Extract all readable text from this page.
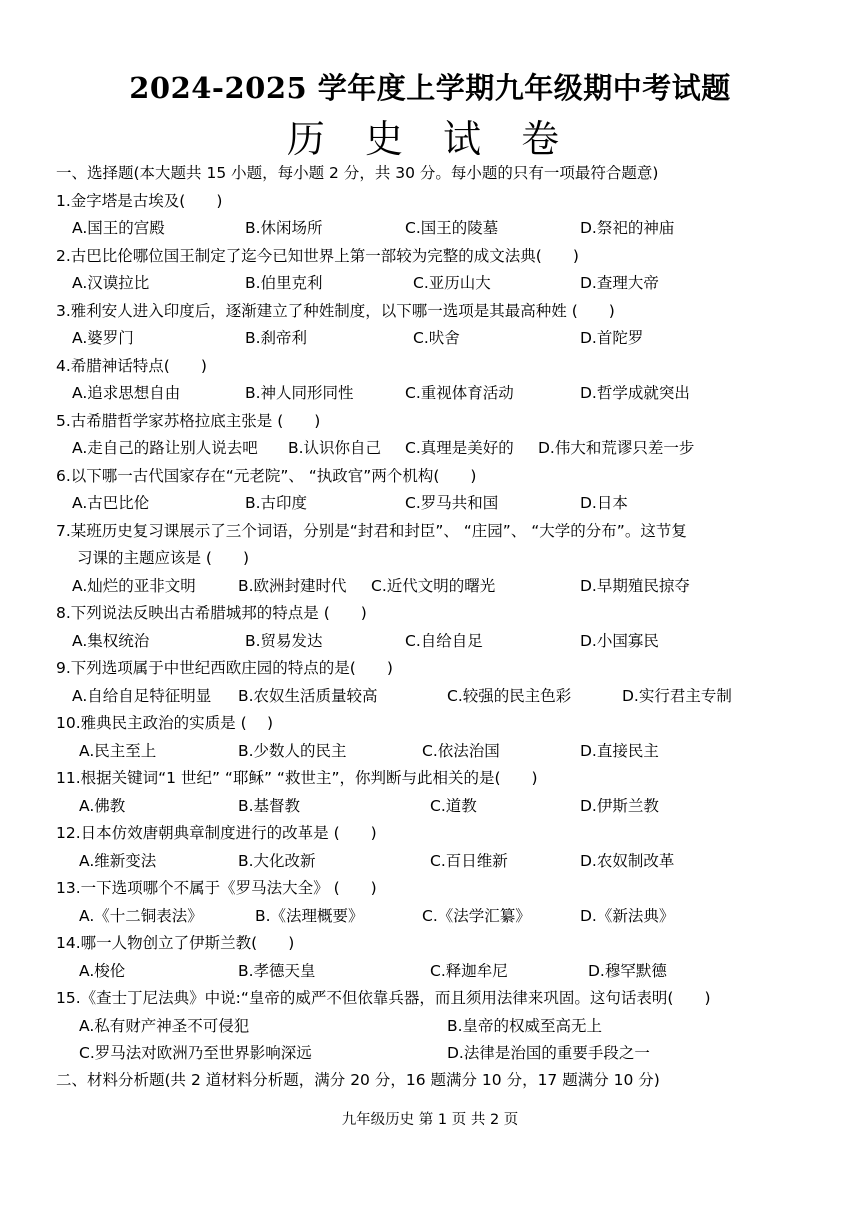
2024-2025 学年度上学期九年级期中考试题
历 史 试 卷
一、选择题(本大题共 15 小题，每小题 2 分，共 30 分。每小题的只有一项最符合题意)
1.金字塔是古埃及(　　)
A.国王的宫殿	B.休闲场所	C.国王的陵墓	D.祭祀的神庙
2.古巴比伦哪位国王制定了迄今已知世界上第一部较为完整的成文法典(　　)
A.汉谟拉比	B.伯里克利	C.亚历山大	D.查理大帝
3.雅利安人进入印度后，逐渐建立了种姓制度，以下哪一选项是其最高种姓 (　　)
A.婆罗门	B.刹帝利	C.吠舍	D.首陀罗
4.希腊神话特点(　　)
A.追求思想自由	B.神人同形同性	C.重视体育活动	D.哲学成就突出
5.古希腊哲学家苏格拉底主张是 (　　)
A.走自己的路让别人说去吧 B.认识你自己 C.真理是美好的 D.伟大和荒谬只差一步
6.以下哪一古代国家存在“元老院”、 “执政官”两个机构(　　)
A.古巴比伦	B.古印度	C.罗马共和国	D.日本
7.某班历史复习课展示了三个词语，分别是“封君和封臣”、 “庄园”、 “大学的分布”。这节复
习课的主题应该是 (　　)
A.灿烂的亚非文明	B.欧洲封建时代 C.近代文明的曙光	D.早期殖民掠夺
8.下列说法反映出古希腊城邦的特点是 (　　)
A.集权统治	B.贸易发达	C.自给自足	D.小国寡民
9.下列选项属于中世纪西欧庄园的特点的是(　　)
A.自给自足特征明显 B.农奴生活质量较高	C.较强的民主色彩	D.实行君主专制
10.雅典民主政治的实质是 (　 )
A.民主至上	B.少数人的民主	C.依法治国	D.直接民主
11.根据关键词“1 世纪” “耶稣” “救世主”，你判断与此相关的是(　　)
A.佛教	B.基督教	C.道教	D.伊斯兰教
12.日本仿效唐朝典章制度进行的改革是 (　　)
A.维新变法	B.大化改新	C.百日维新	D.农奴制改革
13.一下选项哪个不属于《罗马法大全》 (　　)
A.《十二铜表法》	B.《法理概要》	C.《法学汇纂》	D.《新法典》
14.哪一人物创立了伊斯兰教(　　)
A.梭伦	B.孝德天皇	C.释迦牟尼	D.穆罕默德
15.《查士丁尼法典》中说:“皇帝的威严不但依靠兵器，而且须用法律来巩固。这句话表明(　　)
A.私有财产神圣不可侵犯	B.皇帝的权威至高无上
C.罗马法对欧洲乃至世界影响深远	D.法律是治国的重要手段之一
二、材料分析题(共 2 道材料分析题，满分 20 分，16 题满分 10 分，17 题满分 10 分)
九年级历史 第 1 页 共 2 页
